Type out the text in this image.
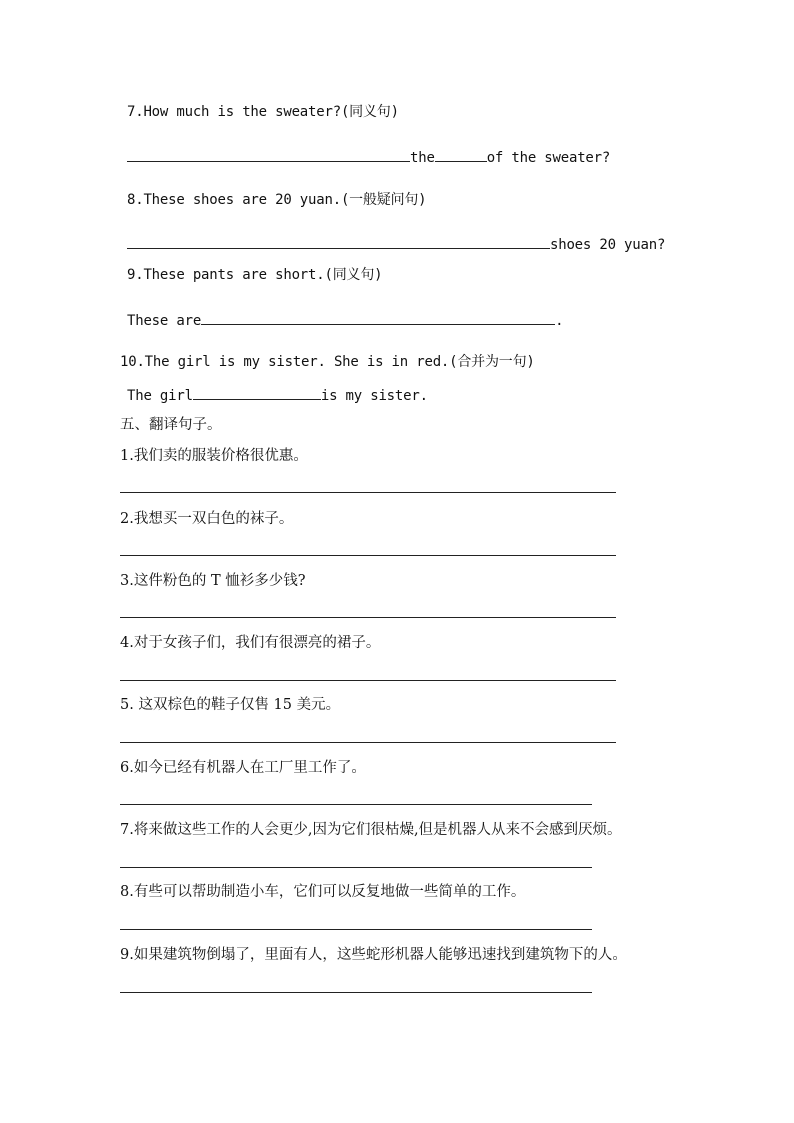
7.How much is the sweater?(同义句)
the	of the sweater?
8.These shoes are 20 yuan.(一般疑问句)
shoes 20 yuan?
9.These pants are short.(同义句)
These are	.
10.The girl is my sister. She is in red.(合并为一句)
The girl	is my sister.
五、翻译句子。
1.我们卖的服装价格很优惠。
2.我想买一双白色的袜子。
3.这件粉色的 T 恤衫多少钱?
4.对于女孩子们，我们有很漂亮的裙子。
5. 这双棕色的鞋子仅售 15 美元。
6.如今已经有机器人在工厂里工作了。
7.将来做这些工作的人会更少,因为它们很枯燥,但是机器人从来不会感到厌烦。
8.有些可以帮助制造小车，它们可以反复地做一些简单的工作。
9.如果建筑物倒塌了，里面有人，这些蛇形机器人能够迅速找到建筑物下的人。
